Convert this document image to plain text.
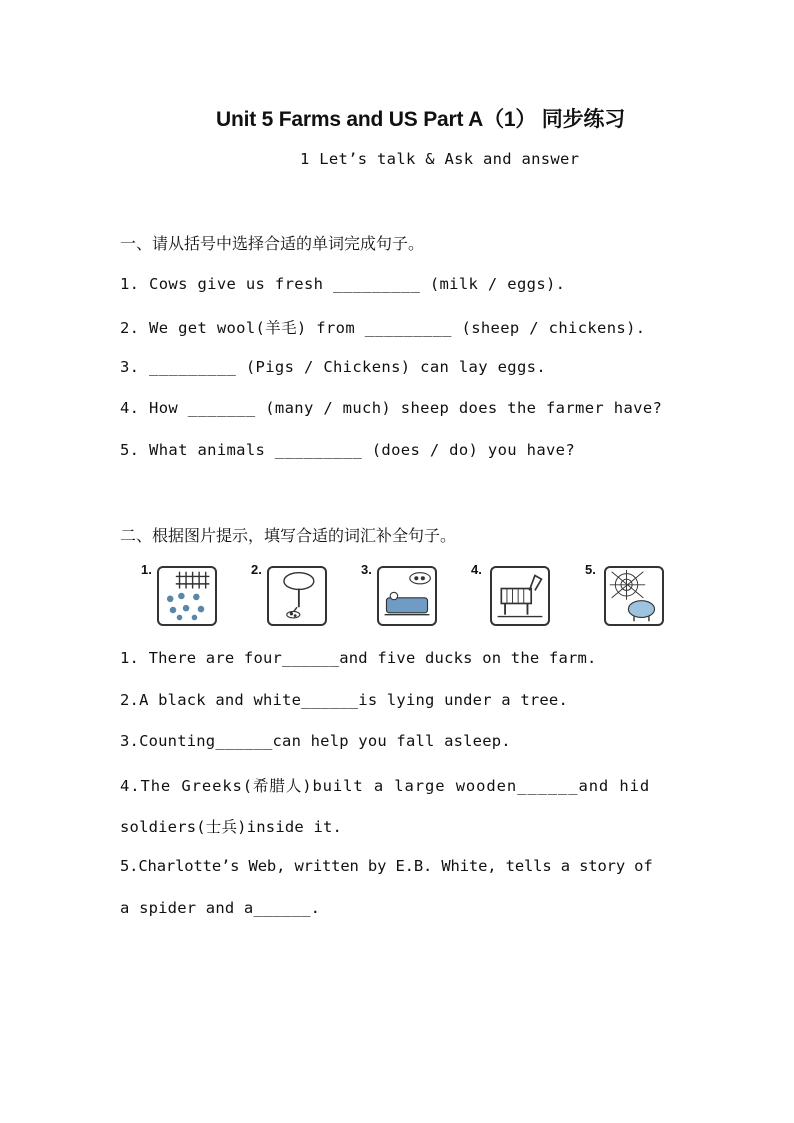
Unit 5 Farms and US Part A（1） 同步练习
1 Let’s talk & Ask and answer
一、请从括号中选择合适的单词完成句子。
1. Cows give us fresh _________ (milk / eggs).
2. We get wool(羊毛) from _________ (sheep / chickens).
3. _________ (Pigs / Chickens) can lay eggs.
4. How _______ (many / much) sheep does the farmer have?
5. What animals _________ (does / do) you have?
二、根据图片提示，填写合适的词汇补全句子。
1.	2.	3.	4.	5.
1. There are four______and five ducks on the farm.
2.A black and white______is lying under a tree.
3.Counting______can help you fall asleep.
4.The Greeks(希腊人)built a large wooden______and hid
soldiers(士兵)inside it.
5.Charlotte’s Web, written by E.B. White, tells a story of
a spider and a______.
